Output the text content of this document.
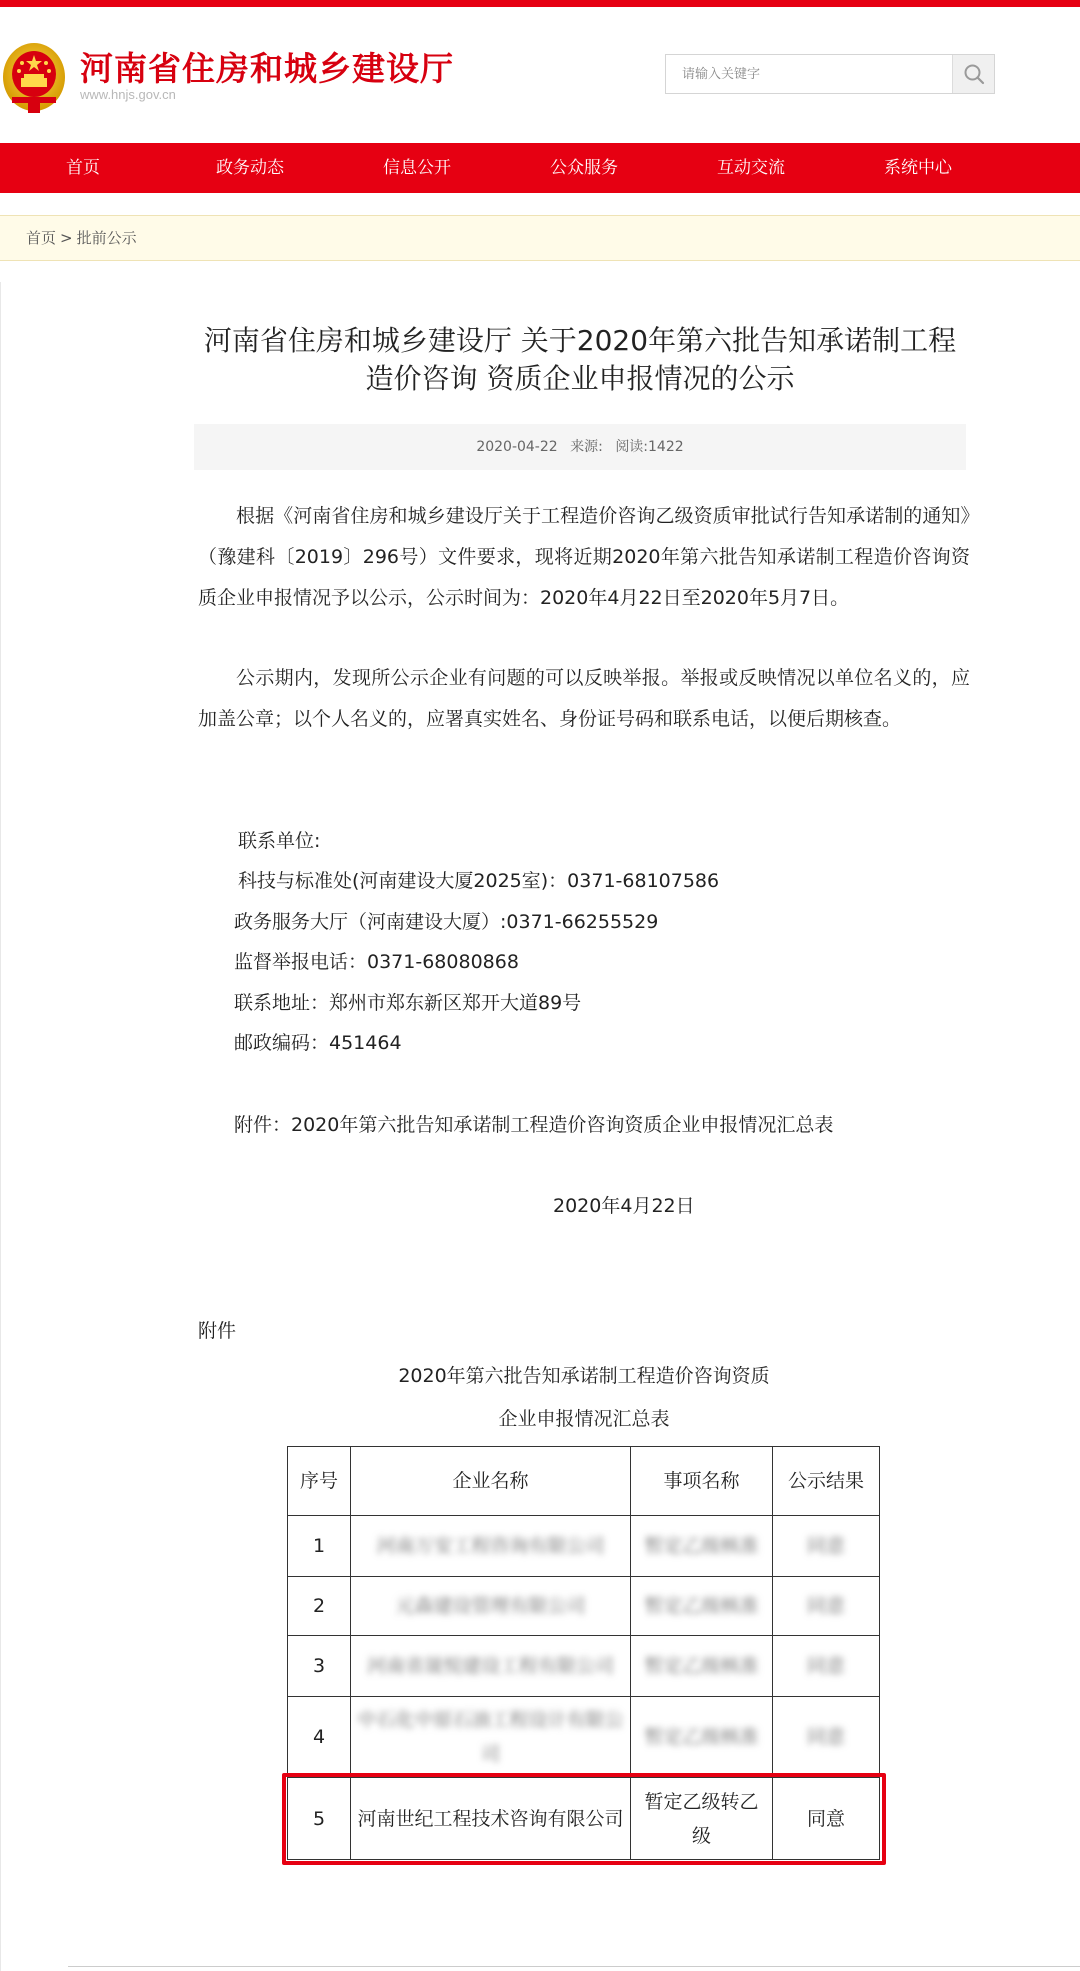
河南省住房和城乡建设厅
www.hnjs.gov.cn
请输入关键字
首页	政务动态	信息公开	公众服务	互动交流	系统中心
首页 > 批前公示
河南省住房和城乡建设厅 关于2020年第六批告知承诺制工程造价咨询 资质企业申报情况的公示
2020-04-22 来源: 阅读:1422
根据《河南省住房和城乡建设厅关于工程造价咨询乙级资质审批试行告知承诺制的通知》（豫建科〔2019〕296号）文件要求，现将近期2020年第六批告知承诺制工程造价咨询资质企业申报情况予以公示，公示时间为：2020年4月22日至2020年5月7日。
公示期内，发现所公示企业有问题的可以反映举报。举报或反映情况以单位名义的，应加盖公章；以个人名义的，应署真实姓名、身份证号码和联系电话，以便后期核查。
联系单位:
科技与标准处(河南建设大厦2025室)：0371-68107586
政务服务大厅（河南建设大厦）:0371-66255529
监督举报电话：0371-68080868
联系地址：郑州市郑东新区郑开大道89号
邮政编码：451464
附件：2020年第六批告知承诺制工程造价咨询资质企业申报情况汇总表
2020年4月22日
附件
2020年第六批告知承诺制工程造价咨询资质
企业申报情况汇总表
序号	企业名称	事项名称	公示结果
1	河南万安工程咨询有限公司	暂定乙级核准	同意
2	元森建设管理有限公司	暂定乙级核准	同意
3	河南省晟悦建设工程有限公司	暂定乙级核准	同意
4	中石化中原石油工程设计有限公司	暂定乙级核准	同意
5	河南世纪工程技术咨询有限公司	暂定乙级转乙级	同意
